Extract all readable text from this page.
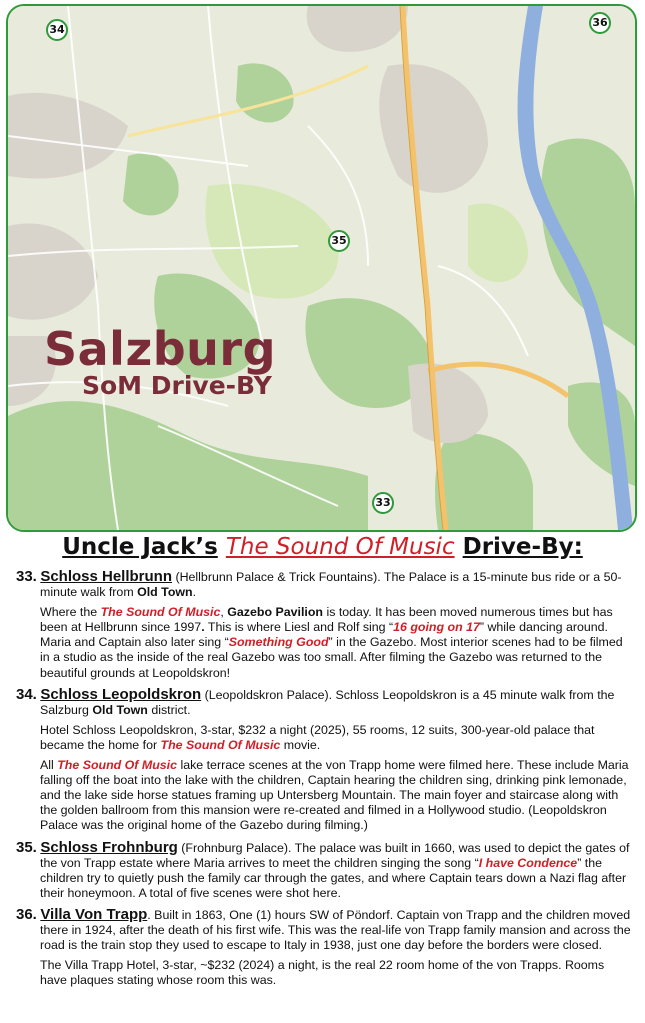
Salzburg
SoM Drive-BY
34
36
35
33
Uncle Jack’s The Sound Of Music Drive-By:

33. Schloss Hellbrunn (Hellbrunn Palace & Trick Fountains). The Palace is a 15-minute bus ride or a 50-minute walk from Old Town.

Where the The Sound Of Music, Gazebo Pavilion is today. It has been moved numerous times but has been at Hellbrunn since 1997. This is where Liesl and Rolf sing “16 going on 17” while dancing around. Maria and Captain also later sing “Something Good” in the Gazebo. Most interior scenes had to be filmed in a studio as the inside of the real Gazebo was too small. After filming the Gazebo was returned to the beautiful grounds at Leopoldskron!

34. Schloss Leopoldskron (Leopoldskron Palace). Schloss Leopoldskron is a 45 minute walk from the Salzburg Old Town district.

Hotel Schloss Leopoldskron, 3-star, $232 a night (2025), 55 rooms, 12 suits, 300-year-old palace that became the home for The Sound Of Music movie.

All The Sound Of Music lake terrace scenes at the von Trapp home were filmed here. These include Maria falling off the boat into the lake with the children, Captain hearing the children sing, drinking pink lemonade, and the lake side horse statues framing up Untersberg Mountain. The main foyer and staircase along with the golden ballroom from this mansion were re-created and filmed in a Hollywood studio. (Leopoldskron Palace was the original home of the Gazebo during filming.)

35. Schloss Frohnburg (Frohnburg Palace). The palace was built in 1660, was used to depict the gates of the von Trapp estate where Maria arrives to meet the children singing the song “I have Condence” the children try to quietly push the family car through the gates, and where Captain tears down a Nazi flag after their honeymoon. A total of five scenes were shot here.

36. Villa Von Trapp. Built in 1863, One (1) hours SW of Pöndorf. Captain von Trapp and the children moved there in 1924, after the death of his first wife. This was the real-life von Trapp family mansion and across the road is the train stop they used to escape to Italy in 1938, just one day before the borders were closed.

The Villa Trapp Hotel, 3-star, ~$232 (2024) a night, is the real 22 room home of the von Trapps. Rooms have plaques stating whose room this was.
